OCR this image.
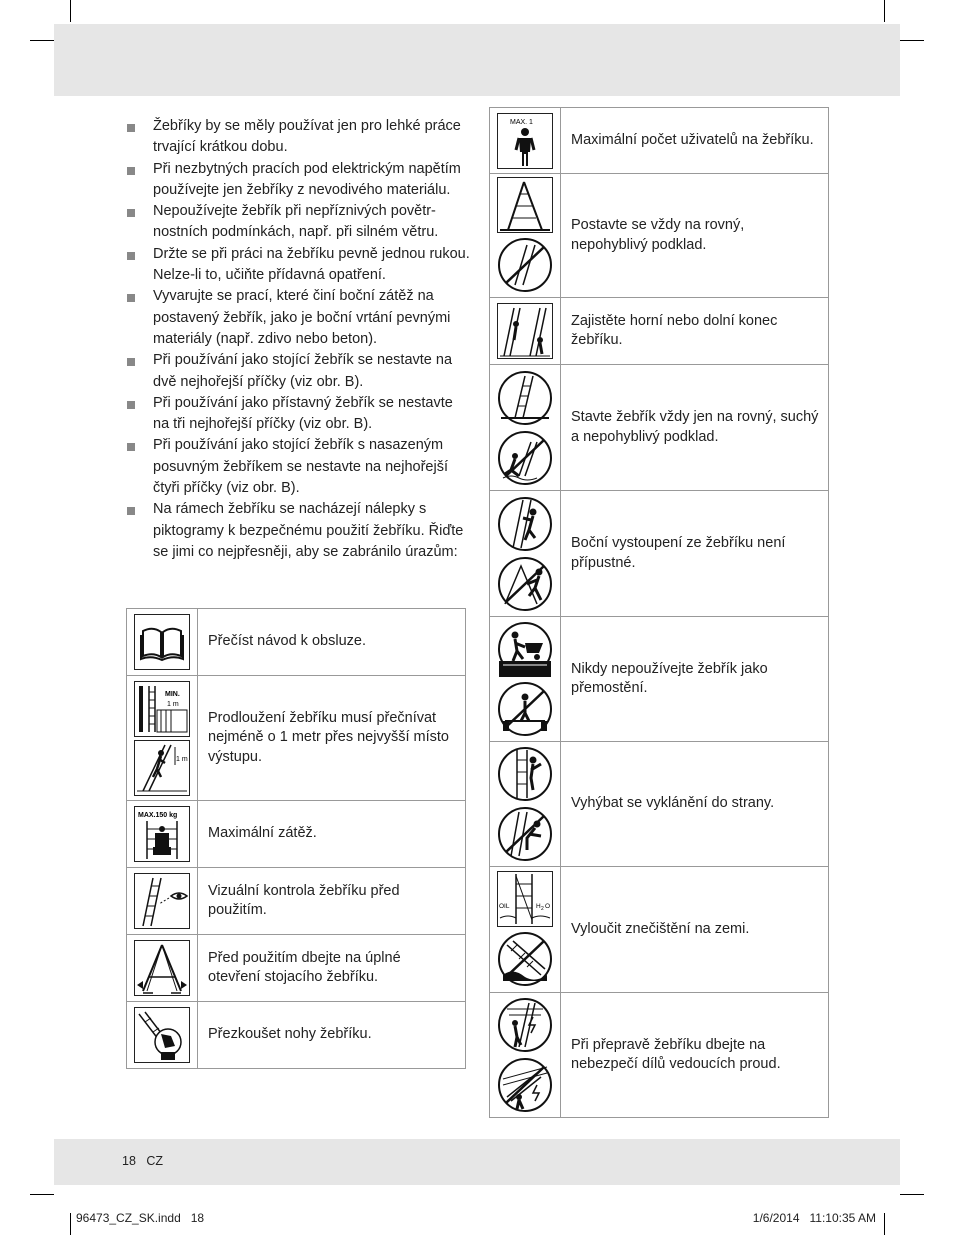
Žebříky by se měly používat jen pro lehké práce trvající krátkou dobu.
Při nezbytných pracích pod elektrickým napětím používejte jen žebříky z nevodivého materiálu.
Nepoužívejte žebřík při nepříznivých povětr-nostních podmínkách, např. při silném větru.
Držte se při práci na žebříku pevně jednou rukou. Nelze-li to, učiňte přídavná opatření.
Vyvarujte se prací, které činí boční zátěž na postavený žebřík, jako je boční vrtání pevnými materiály (např. zdivo nebo beton).
Při používání jako stojící žebřík se nestavte na dvě nejhořejší příčky (viz obr. B).
Při používání jako přístavný žebřík se nestavte na tři nejhořejší příčky (viz obr. B).
Při používání jako stojící žebřík s nasazeným posuvným žebříkem se nestavte na nejhořejší čtyři příčky (viz obr. B).
Na rámech žebříku se nacházejí nálepky s piktogramy k bezpečnému použití žebříku. Řiďte se jimi co nejpřesněji, aby se zabránilo úrazům:
	Přečíst návod k obsluze.

MIN.
1 m
1 m	Prodloužení žebříku musí přečnívat nejméně o 1 metr přes nejvyšší místo výstupu.

MAX.150 kg	Maximální zátěž.

	Vizuální kontrola žebříku před použitím.

	Před použitím dbejte na úplné otevření stojacího žebříku.

	Přezkoušet nohy žebříku.
MAX. 1	Maximální počet uživatelů na žebříku.

	Postavte se vždy na rovný, nepohyblivý podklad.

	Zajistěte horní nebo dolní konec žebříku.

	Stavte žebřík vždy jen na rovný, suchý a nepohyblivý podklad.

	Boční vystoupení ze žebříku není přípustné.

	Nikdy nepoužívejte žebřík jako přemostění.

	Vyhýbat se vyklánění do strany.

OIL H 2 O	Vyloučit znečištění na zemi.

	Při přepravě žebříku dbejte na nebezpečí dílů vedoucích proud.
18 CZ
96473_CZ_SK.indd   18	1/6/2014   11:10:35 AM
